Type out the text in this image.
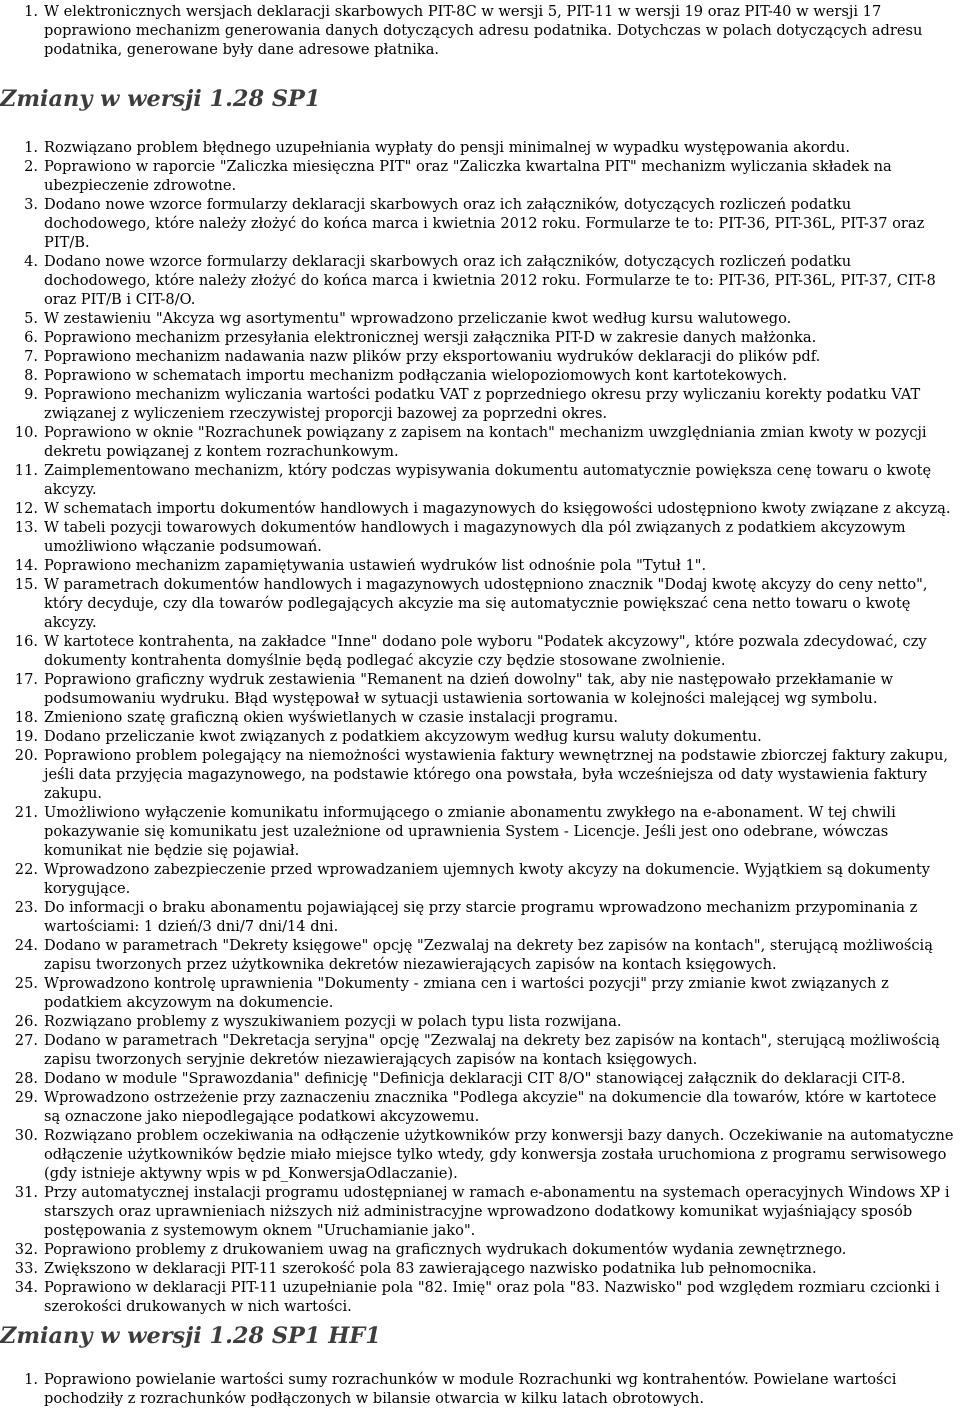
1. W elektronicznych wersjach deklaracji skarbowych PIT-8C w wersji 5, PIT-11 w wersji 19 oraz PIT-40 w wersji 17 poprawiono mechanizm generowania danych dotyczących adresu podatnika. Dotychczas w polach dotyczących adresu podatnika, generowane były dane adresowe płatnika.
Zmiany w wersji 1.28 SP1
1. Rozwiązano problem błędnego uzupełniania wypłaty do pensji minimalnej w wypadku występowania akordu.
2. Poprawiono w raporcie "Zaliczka miesięczna PIT" oraz "Zaliczka kwartalna PIT" mechanizm wyliczania składek na ubezpieczenie zdrowotne.
3. Dodano nowe wzorce formularzy deklaracji skarbowych oraz ich załączników, dotyczących rozliczeń podatku dochodowego, które należy złożyć do końca marca i kwietnia 2012 roku. Formularze te to: PIT-36, PIT-36L, PIT-37 oraz PIT/B.
4. Dodano nowe wzorce formularzy deklaracji skarbowych oraz ich załączników, dotyczących rozliczeń podatku dochodowego, które należy złożyć do końca marca i kwietnia 2012 roku. Formularze te to: PIT-36, PIT-36L, PIT-37, CIT-8 oraz PIT/B i CIT-8/O.
5. W zestawieniu "Akcyza wg asortymentu" wprowadzono przeliczanie kwot według kursu walutowego.
6. Poprawiono mechanizm przesyłania elektronicznej wersji załącznika PIT-D w zakresie danych małżonka.
7. Poprawiono mechanizm nadawania nazw plików przy eksportowaniu wydruków deklaracji do plików pdf.
8. Poprawiono w schematach importu mechanizm podłączania wielopoziomowych kont kartotekowych.
9. Poprawiono mechanizm wyliczania wartości podatku VAT z poprzedniego okresu przy wyliczaniu korekty podatku VAT związanej z wyliczeniem rzeczywistej proporcji bazowej za poprzedni okres.
10. Poprawiono w oknie "Rozrachunek powiązany z zapisem na kontach" mechanizm uwzględniania zmian kwoty w pozycji dekretu powiązanej z kontem rozrachunkowym.
11. Zaimplementowano mechanizm, który podczas wypisywania dokumentu automatycznie powiększa cenę towaru o kwotę akcyzy.
12. W schematach importu dokumentów handlowych i magazynowych do księgowości udostępniono kwoty związane z akcyzą.
13. W tabeli pozycji towarowych dokumentów handlowych i magazynowych dla pól związanych z podatkiem akcyzowym umożliwiono włączanie podsumowań.
14. Poprawiono mechanizm zapamiętywania ustawień wydruków list odnośnie pola "Tytuł 1".
15. W parametrach dokumentów handlowych i magazynowych udostępniono znacznik "Dodaj kwotę akcyzy do ceny netto", który decyduje, czy dla towarów podlegających akcyzie ma się automatycznie powiększać cena netto towaru o kwotę akcyzy.
16. W kartotece kontrahenta, na zakładce "Inne" dodano pole wyboru "Podatek akcyzowy", które pozwala zdecydować, czy dokumenty kontrahenta domyślnie będą podlegać akcyzie czy będzie stosowane zwolnienie.
17. Poprawiono graficzny wydruk zestawienia "Remanent na dzień dowolny" tak, aby nie następowało przekłamanie w podsumowaniu wydruku. Błąd występował w sytuacji ustawienia sortowania w kolejności malejącej wg symbolu.
18. Zmieniono szatę graficzną okien wyświetlanych w czasie instalacji programu.
19. Dodano przeliczanie kwot związanych z podatkiem akcyzowym według kursu waluty dokumentu.
20. Poprawiono problem polegający na niemożności wystawienia faktury wewnętrznej na podstawie zbiorczej faktury zakupu, jeśli data przyjęcia magazynowego, na podstawie którego ona powstała, była wcześniejsza od daty wystawienia faktury zakupu.
21. Umożliwiono wyłączenie komunikatu informującego o zmianie abonamentu zwykłego na e-abonament. W tej chwili pokazywanie się komunikatu jest uzależnione od uprawnienia System - Licencje. Jeśli jest ono odebrane, wówczas komunikat nie będzie się pojawiał.
22. Wprowadzono zabezpieczenie przed wprowadzaniem ujemnych kwoty akcyzy na dokumencie. Wyjątkiem są dokumenty korygujące.
23. Do informacji o braku abonamentu pojawiającej się przy starcie programu wprowadzono mechanizm przypominania z wartościami: 1 dzień/3 dni/7 dni/14 dni.
24. Dodano w parametrach "Dekrety księgowe" opcję "Zezwalaj na dekrety bez zapisów na kontach", sterującą możliwością zapisu tworzonych przez użytkownika dekretów niezawierających zapisów na kontach księgowych.
25. Wprowadzono kontrolę uprawnienia "Dokumenty - zmiana cen i wartości pozycji" przy zmianie kwot związanych z podatkiem akcyzowym na dokumencie.
26. Rozwiązano problemy z wyszukiwaniem pozycji w polach typu lista rozwijana.
27. Dodano w parametrach "Dekretacja seryjna" opcję "Zezwalaj na dekrety bez zapisów na kontach", sterującą możliwością zapisu tworzonych seryjnie dekretów niezawierających zapisów na kontach księgowych.
28. Dodano w module "Sprawozdania" definicję "Definicja deklaracji CIT 8/O" stanowiącej załącznik do deklaracji CIT-8.
29. Wprowadzono ostrzeżenie przy zaznaczeniu znacznika "Podlega akcyzie" na dokumencie dla towarów, które w kartotece są oznaczone jako niepodlegające podatkowi akcyzowemu.
30. Rozwiązano problem oczekiwania na odłączenie użytkowników przy konwersji bazy danych. Oczekiwanie na automatyczne odłączenie użytkowników będzie miało miejsce tylko wtedy, gdy konwersja została uruchomiona z programu serwisowego (gdy istnieje aktywny wpis w pd_KonwersjaOdlaczanie).
31. Przy automatycznej instalacji programu udostępnianej w ramach e-abonamentu na systemach operacyjnych Windows XP i starszych oraz uprawnieniach niższych niż administracyjne wprowadzono dodatkowy komunikat wyjaśniający sposób postępowania z systemowym oknem "Uruchamianie jako".
32. Poprawiono problemy z drukowaniem uwag na graficznych wydrukach dokumentów wydania zewnętrznego.
33. Zwiększono w deklaracji PIT-11 szerokość pola 83 zawierającego nazwisko podatnika lub pełnomocnika.
34. Poprawiono w deklaracji PIT-11 uzupełnianie pola "82. Imię" oraz pola "83. Nazwisko" pod względem rozmiaru czcionki i szerokości drukowanych w nich wartości.
Zmiany w wersji 1.28 SP1 HF1
1. Poprawiono powielanie wartości sumy rozrachunków w module Rozrachunki wg kontrahentów. Powielane wartości pochodziły z rozrachunków podłączonych w bilansie otwarcia w kilku latach obrotowych.
